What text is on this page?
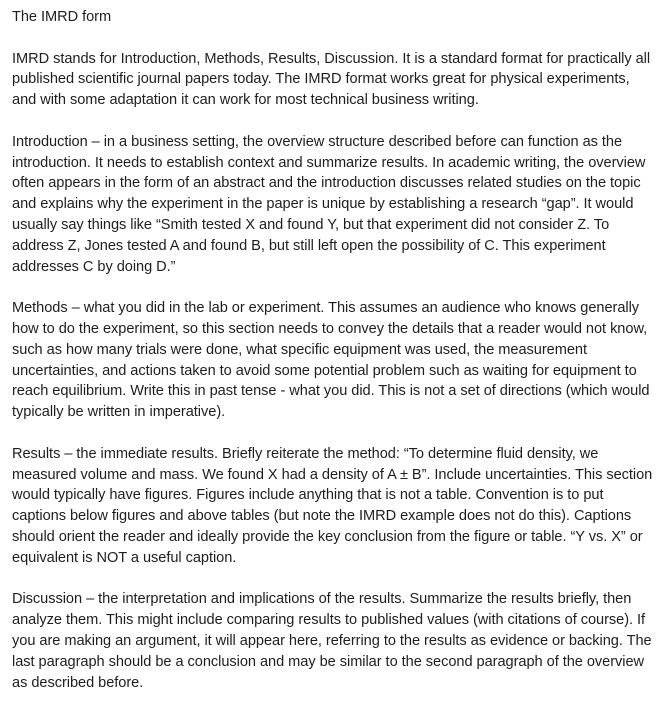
The IMRD form

IMRD stands for Introduction, Methods, Results, Discussion. It is a standard format for practically all published scientific journal papers today. The IMRD format works great for physical experiments, and with some adaptation it can work for most technical business writing.

Introduction – in a business setting, the overview structure described before can function as the introduction. It needs to establish context and summarize results. In academic writing, the overview often appears in the form of an abstract and the introduction discusses related studies on the topic and explains why the experiment in the paper is unique by establishing a research “gap”. It would usually say things like “Smith tested X and found Y, but that experiment did not consider Z. To address Z, Jones tested A and found B, but still left open the possibility of C. This experiment addresses C by doing D.”

Methods – what you did in the lab or experiment. This assumes an audience who knows generally how to do the experiment, so this section needs to convey the details that a reader would not know, such as how many trials were done, what specific equipment was used, the measurement uncertainties, and actions taken to avoid some potential problem such as waiting for equipment to reach equilibrium. Write this in past tense - what you did. This is not a set of directions (which would typically be written in imperative).

Results – the immediate results. Briefly reiterate the method: “To determine fluid density, we measured volume and mass. We found X had a density of A ± B”. Include uncertainties. This section would typically have figures. Figures include anything that is not a table. Convention is to put captions below figures and above tables (but note the IMRD example does not do this). Captions should orient the reader and ideally provide the key conclusion from the figure or table. “Y vs. X” or equivalent is NOT a useful caption.

Discussion – the interpretation and implications of the results. Summarize the results briefly, then analyze them. This might include comparing results to published values (with citations of course). If you are making an argument, it will appear here, referring to the results as evidence or backing. The last paragraph should be a conclusion and may be similar to the second paragraph of the overview as described before.
